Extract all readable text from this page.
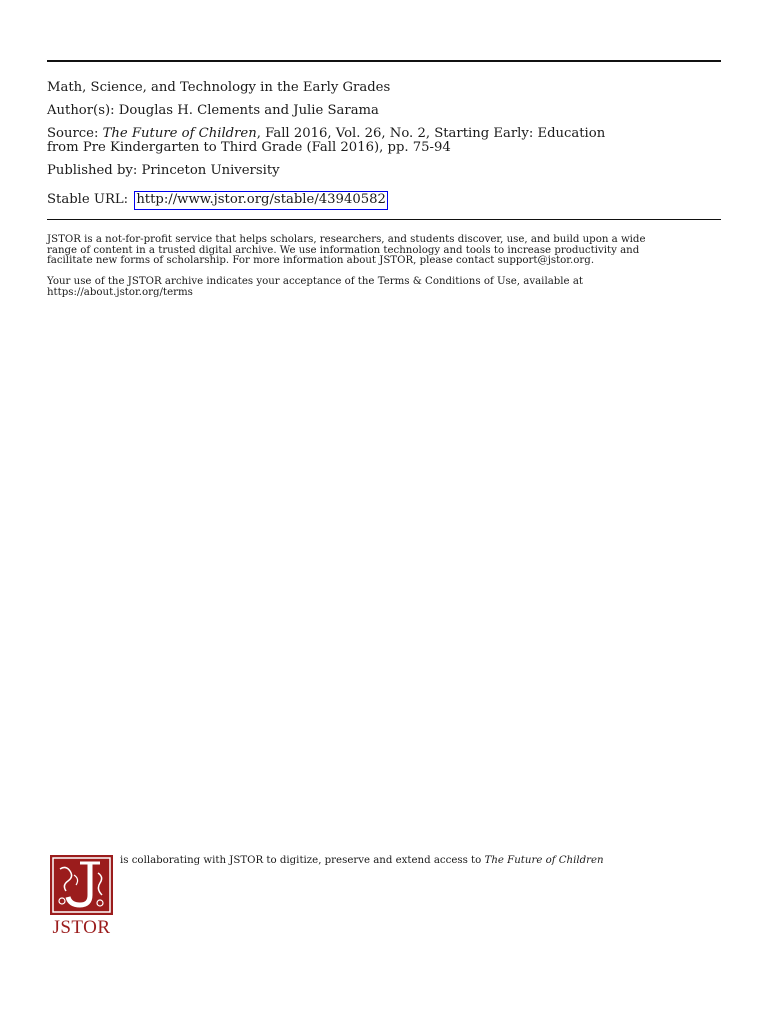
Math, Science, and Technology in the Early Grades
Author(s): Douglas H. Clements and Julie Sarama
Source: The Future of Children, Fall 2016, Vol. 26, No. 2, Starting Early: Education
from Pre Kindergarten to Third Grade (Fall 2016), pp. 75-94
Published by: Princeton University
Stable URL: http://www.jstor.org/stable/43940582
JSTOR is a not-for-profit service that helps scholars, researchers, and students discover, use, and build upon a wide
range of content in a trusted digital archive. We use information technology and tools to increase productivity and
facilitate new forms of scholarship. For more information about JSTOR, please contact support@jstor.org.
Your use of the JSTOR archive indicates your acceptance of the Terms & Conditions of Use, available at
https://about.jstor.org/terms
JSTOR
is collaborating with JSTOR to digitize, preserve and extend access to The Future of Children
